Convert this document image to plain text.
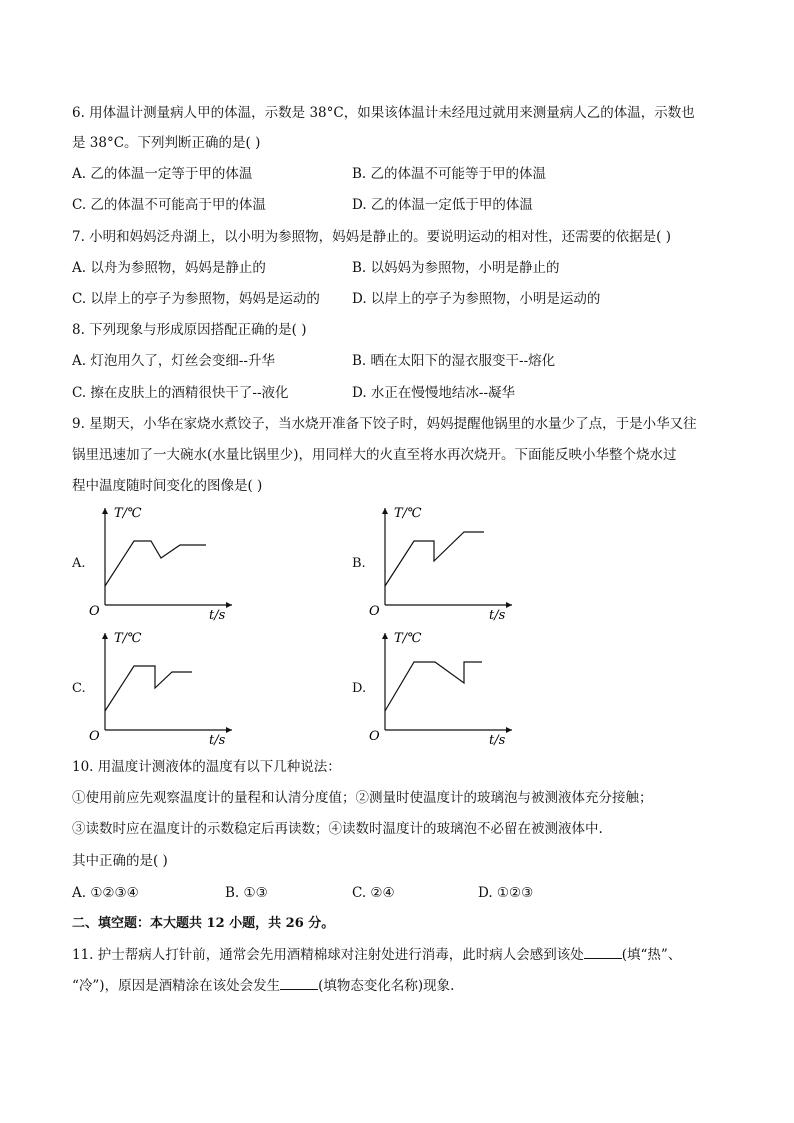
6. 用体温计测量病人甲的体温，示数是 38°C，如果该体温计未经甩过就用来测量病人乙的体温，示数也
是 38°C。下列判断正确的是( )
A. 乙的体温一定等于甲的体温	B. 乙的体温不可能等于甲的体温
C. 乙的体温不可能高于甲的体温	D. 乙的体温一定低于甲的体温
7. 小明和妈妈泛舟湖上，以小明为参照物，妈妈是静止的。要说明运动的相对性，还需要的依据是( )
A. 以舟为参照物，妈妈是静止的	B. 以妈妈为参照物，小明是静止的
C. 以岸上的亭子为参照物，妈妈是运动的 D. 以岸上的亭子为参照物，小明是运动的
8. 下列现象与形成原因搭配正确的是( )
A. 灯泡用久了，灯丝会变细--升华	B. 晒在太阳下的湿衣服变干--熔化
C. 擦在皮肤上的酒精很快干了--液化	D. 水正在慢慢地结冰--凝华
9. 星期天，小华在家烧水煮饺子，当水烧开准备下饺子时，妈妈提醒他锅里的水量少了点，于是小华又往
锅里迅速加了一大碗水(水量比锅里少)，用同样大的火直至将水再次烧开。下面能反映小华整个烧水过
程中温度随时间变化的图像是( )
A.
T/℃
t/s
O
B.
T/℃
t/s
O
C.
T/℃
t/s
O
D.
T/℃
t/s
O
10. 用温度计测液体的温度有以下几种说法：
①使用前应先观察温度计的量程和认清分度值；②测量时使温度计的玻璃泡与被测液体充分接触；
③读数时应在温度计的示数稳定后再读数；④读数时温度计的玻璃泡不必留在被测液体中.
其中正确的是( )
A. ①②③④	B. ①③	C. ②④	D. ①②③
二、填空题：本大题共 12 小题，共 26 分。
11. 护士帮病人打针前，通常会先用酒精棉球对注射处进行消毒，此时病人会感到该处	(填“热”、
“冷”)，原因是酒精涂在该处会发生	(填物态变化名称)现象.
